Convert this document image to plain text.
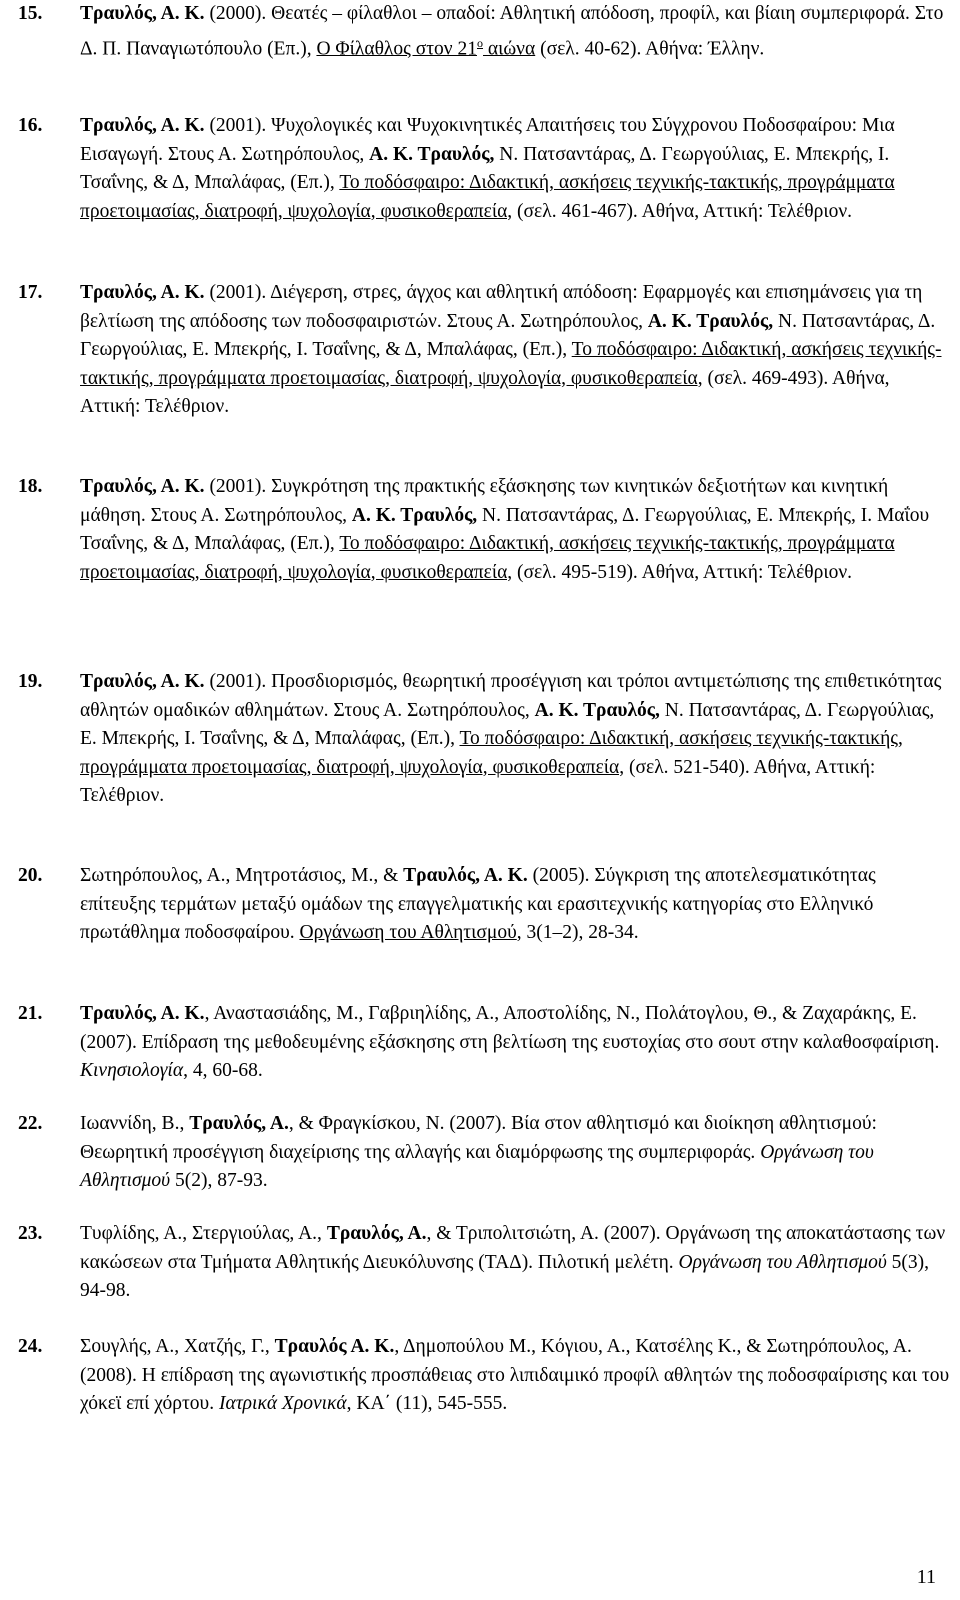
15.	Τραυλός, Α. Κ. (2000). Θεατές – φίλαθλοι – οπαδοί: Αθλητική απόδοση, προφίλ, και βίαιη συμπεριφορά. Στο Δ. Π. Παναγιωτόπουλο (Επ.), Ο Φίλαθλος στον $21^o$ αιώνα (σελ. 40-62). Αθήνα: Έλλην.
16.	Τραυλός, Α. Κ. (2001). Ψυχολογικές και Ψυχοκινητικές Απαιτήσεις του Σύγχρονου Ποδοσφαίρου: Μια Εισαγωγή. Στους Α. Σωτηρόπουλος, Α. Κ. Τραυλός, Ν. Πατσαντάρας, Δ. Γεωργούλιας, Ε. Μπεκρής, Ι. Τσαΐνης, & Δ, Μπαλάφας, (Επ.), Το ποδόσφαιρο: Διδακτική, ασκήσεις τεχνικής-τακτικής, προγράμματα προετοιμασίας, διατροφή, ψυχολογία, φυσικοθεραπεία, (σελ. 461-467). Αθήνα, Αττική: Τελέθριον.
17.	Τραυλός, Α. Κ. (2001). Διέγερση, στρες, άγχος και αθλητική απόδοση: Εφαρμογές και επισημάνσεις για τη βελτίωση της απόδοσης των ποδοσφαιριστών. Στους Α. Σωτηρόπουλος, Α. Κ. Τραυλός, Ν. Πατσαντάρας, Δ. Γεωργούλιας, Ε. Μπεκρής, Ι. Τσαΐνης, & Δ, Μπαλάφας, (Επ.), Το ποδόσφαιρο: Διδακτική, ασκήσεις τεχνικής-τακτικής, προγράμματα προετοιμασίας, διατροφή, ψυχολογία, φυσικοθεραπεία, (σελ. 469-493). Αθήνα, Αττική: Τελέθριον.
18.	Τραυλός, Α. Κ. (2001). Συγκρότηση της πρακτικής εξάσκησης των κινητικών δεξιοτήτων και κινητική μάθηση. Στους Α. Σωτηρόπουλος, Α. Κ. Τραυλός, Ν. Πατσαντάρας, Δ. Γεωργούλιας, Ε. Μπεκρής, Ι. Μαΐου Τσαΐνης, & Δ, Μπαλάφας, (Επ.), Το ποδόσφαιρο: Διδακτική, ασκήσεις τεχνικής-τακτικής, προγράμματα προετοιμασίας, διατροφή, ψυχολογία, φυσικοθεραπεία, (σελ. 495-519). Αθήνα, Αττική: Τελέθριον.
19.	Τραυλός, Α. Κ. (2001). Προσδιορισμός, θεωρητική προσέγγιση και τρόποι αντιμετώπισης της επιθετικότητας αθλητών ομαδικών αθλημάτων. Στους Α. Σωτηρόπουλος, Α. Κ. Τραυλός, Ν. Πατσαντάρας, Δ. Γεωργούλιας, Ε. Μπεκρής, Ι. Τσαΐνης, & Δ, Μπαλάφας, (Επ.), Το ποδόσφαιρο: Διδακτική, ασκήσεις τεχνικής-τακτικής, προγράμματα προετοιμασίας, διατροφή, ψυχολογία, φυσικοθεραπεία, (σελ. 521-540). Αθήνα, Αττική: Τελέθριον.
20.	Σωτηρόπουλος, Α., Μητροτάσιος, Μ., & Τραυλός, Α. Κ. (2005). Σύγκριση της αποτελεσματικότητας επίτευξης τερμάτων μεταξύ ομάδων της επαγγελματικής και ερασιτεχνικής κατηγορίας στο Ελληνικό πρωτάθλημα ποδοσφαίρου. Οργάνωση του Αθλητισμού, 3(1–2), 28-34.
21.	Τραυλός, Α. Κ., Αναστασιάδης, Μ., Γαβριηλίδης, Α., Αποστολίδης, Ν., Πολάτογλου, Θ., & Ζαχαράκης, Ε. (2007). Επίδραση της μεθοδευμένης εξάσκησης στη βελτίωση της ευστοχίας στο σουτ στην καλαθοσφαίριση. Κινησιολογία, 4, 60-68.
22.	Ιωαννίδη, Β., Τραυλός, Α., & Φραγκίσκου, Ν. (2007). Βία στον αθλητισμό και διοίκηση αθλητισμού: Θεωρητική προσέγγιση διαχείρισης της αλλαγής και διαμόρφωσης της συμπεριφοράς. Οργάνωση του Αθλητισμού 5(2), 87-93.
23.	Τυφλίδης, Α., Στεργιούλας, Α., Τραυλός, Α., & Τριπολιτσιώτη, Α. (2007). Οργάνωση της αποκατάστασης των κακώσεων στα Τμήματα Αθλητικής Διευκόλυνσης (ΤΑΔ). Πιλοτική μελέτη. Οργάνωση του Αθλητισμού 5(3), 94-98.
24.	Σουγλής, Α., Χατζής, Γ., Τραυλός Α. Κ., Δημοπούλου Μ., Κόγιου, Α., Κατσέλης Κ., & Σωτηρόπουλος, Α. (2008). Η επίδραση της αγωνιστικής προσπάθειας στο λιπιδαιμικό προφίλ αθλητών της ποδοσφαίρισης και του χόκεϊ επί χόρτου. Ιατρικά Χρονικά, ΚΑ΄ (11), 545-555.
11
